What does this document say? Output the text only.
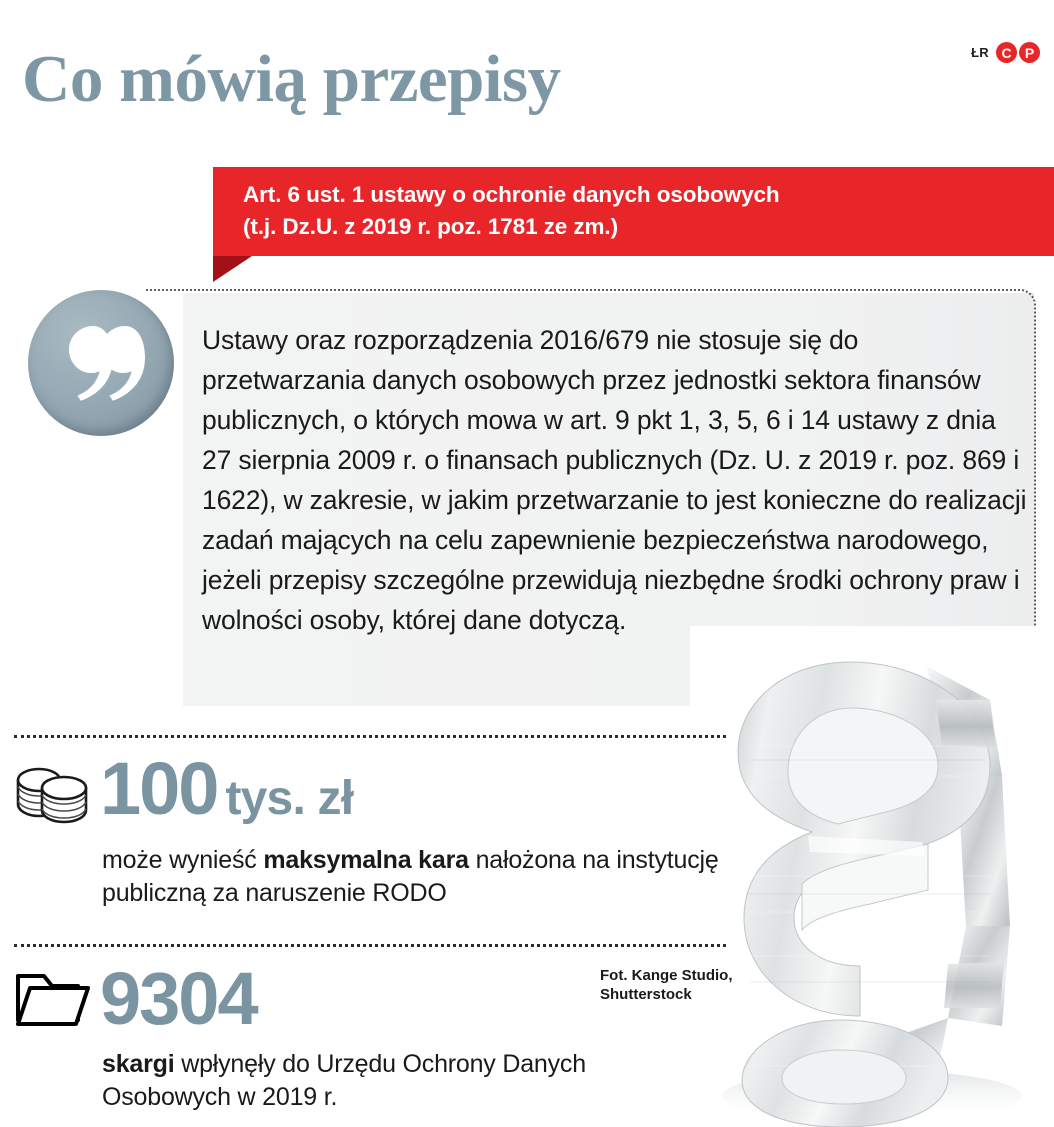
Co mówią przepisy	ŁR C P
Art. 6 ust. 1 ustawy o ochronie danych osobowych
(t.j. Dz.U. z 2019 r. poz. 1781 ze zm.)
Ustawy oraz rozporządzenia 2016/679 nie stosuje się do przetwarzania danych osobowych przez jednostki sektora finansów publicznych, o których mowa w art. 9 pkt 1, 3, 5, 6 i 14 ustawy z dnia 27 sierpnia 2009 r. o finansach publicznych (Dz. U. z 2019 r. poz. 869 i 1622), w zakresie, w jakim przetwarzanie to jest konieczne do realizacji zadań mających na celu zapewnienie bezpieczeństwa narodowego, jeżeli przepisy szczególne przewidują niezbędne środki ochrony praw i wolności osoby, której dane dotyczą.
100 tys. zł
może wynieść maksymalna kara nałożona na instytucję publiczną za naruszenie RODO
9304
skargi wpłynęły do Urzędu Ochrony Danych Osobowych w 2019 r.
Fot. Kange Studio,
Shutterstock
